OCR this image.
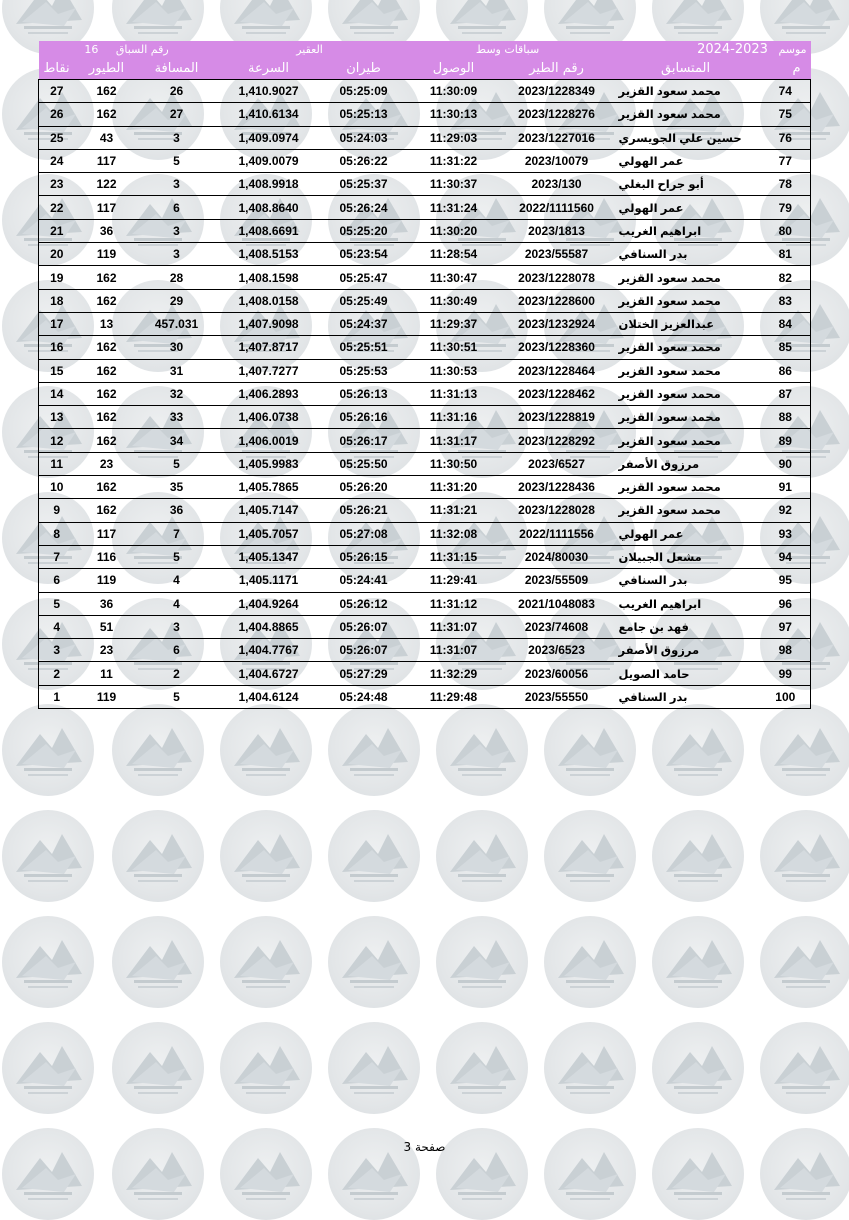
16 رقم السباق			العقير		سباقات وسط		2024-2023 موسم	
نقاط	الطيور	المسافة	السرعة	طيران	الوصول	رقم الطير	المتسابق	م
27	162	26	1,410.9027	05:25:09	11:30:09	2023/1228349	محمد سعود القزير	74
26	162	27	1,410.6134	05:25:13	11:30:13	2023/1228276	محمد سعود القزير	75
25	43	3	1,409.0974	05:24:03	11:29:03	2023/1227016	حسين علي الجويسري	76
24	117	5	1,409.0079	05:26:22	11:31:22	2023/10079	عمر الهولي	77
23	122	3	1,408.9918	05:25:37	11:30:37	2023/130	أبو جراح البغلي	78
22	117	6	1,408.8640	05:26:24	11:31:24	2022/1111560	عمر الهولي	79
21	36	3	1,408.6691	05:25:20	11:30:20	2023/1813	ابراهيم الغريب	80
20	119	3	1,408.5153	05:23:54	11:28:54	2023/55587	بدر السنافي	81
19	162	28	1,408.1598	05:25:47	11:30:47	2023/1228078	محمد سعود القزير	82
18	162	29	1,408.0158	05:25:49	11:30:49	2023/1228600	محمد سعود القزير	83
17	13	457.031	1,407.9098	05:24:37	11:29:37	2023/1232924	عبدالعزيز الختلان	84
16	162	30	1,407.8717	05:25:51	11:30:51	2023/1228360	محمد سعود القزير	85
15	162	31	1,407.7277	05:25:53	11:30:53	2023/1228464	محمد سعود القزير	86
14	162	32	1,406.2893	05:26:13	11:31:13	2023/1228462	محمد سعود القزير	87
13	162	33	1,406.0738	05:26:16	11:31:16	2023/1228819	محمد سعود القزير	88
12	162	34	1,406.0019	05:26:17	11:31:17	2023/1228292	محمد سعود القزير	89
11	23	5	1,405.9983	05:25:50	11:30:50	2023/6527	مرزوق الأصفر	90
10	162	35	1,405.7865	05:26:20	11:31:20	2023/1228436	محمد سعود القزير	91
9	162	36	1,405.7147	05:26:21	11:31:21	2023/1228028	محمد سعود القزير	92
8	117	7	1,405.7057	05:27:08	11:32:08	2022/1111556	عمر الهولي	93
7	116	5	1,405.1347	05:26:15	11:31:15	2024/80030	مشعل الجبيلان	94
6	119	4	1,405.1171	05:24:41	11:29:41	2023/55509	بدر السنافي	95
5	36	4	1,404.9264	05:26:12	11:31:12	2021/1048083	ابراهيم الغريب	96
4	51	3	1,404.8865	05:26:07	11:31:07	2023/74608	فهد بن جامع	97
3	23	6	1,404.7767	05:26:07	11:31:07	2023/6523	مرزوق الأصفر	98
2	11	2	1,404.6727	05:27:29	11:32:29	2023/60056	حامد الصويل	99
1	119	5	1,404.6124	05:24:48	11:29:48	2023/55550	بدر السنافي	100
صفحة 3
